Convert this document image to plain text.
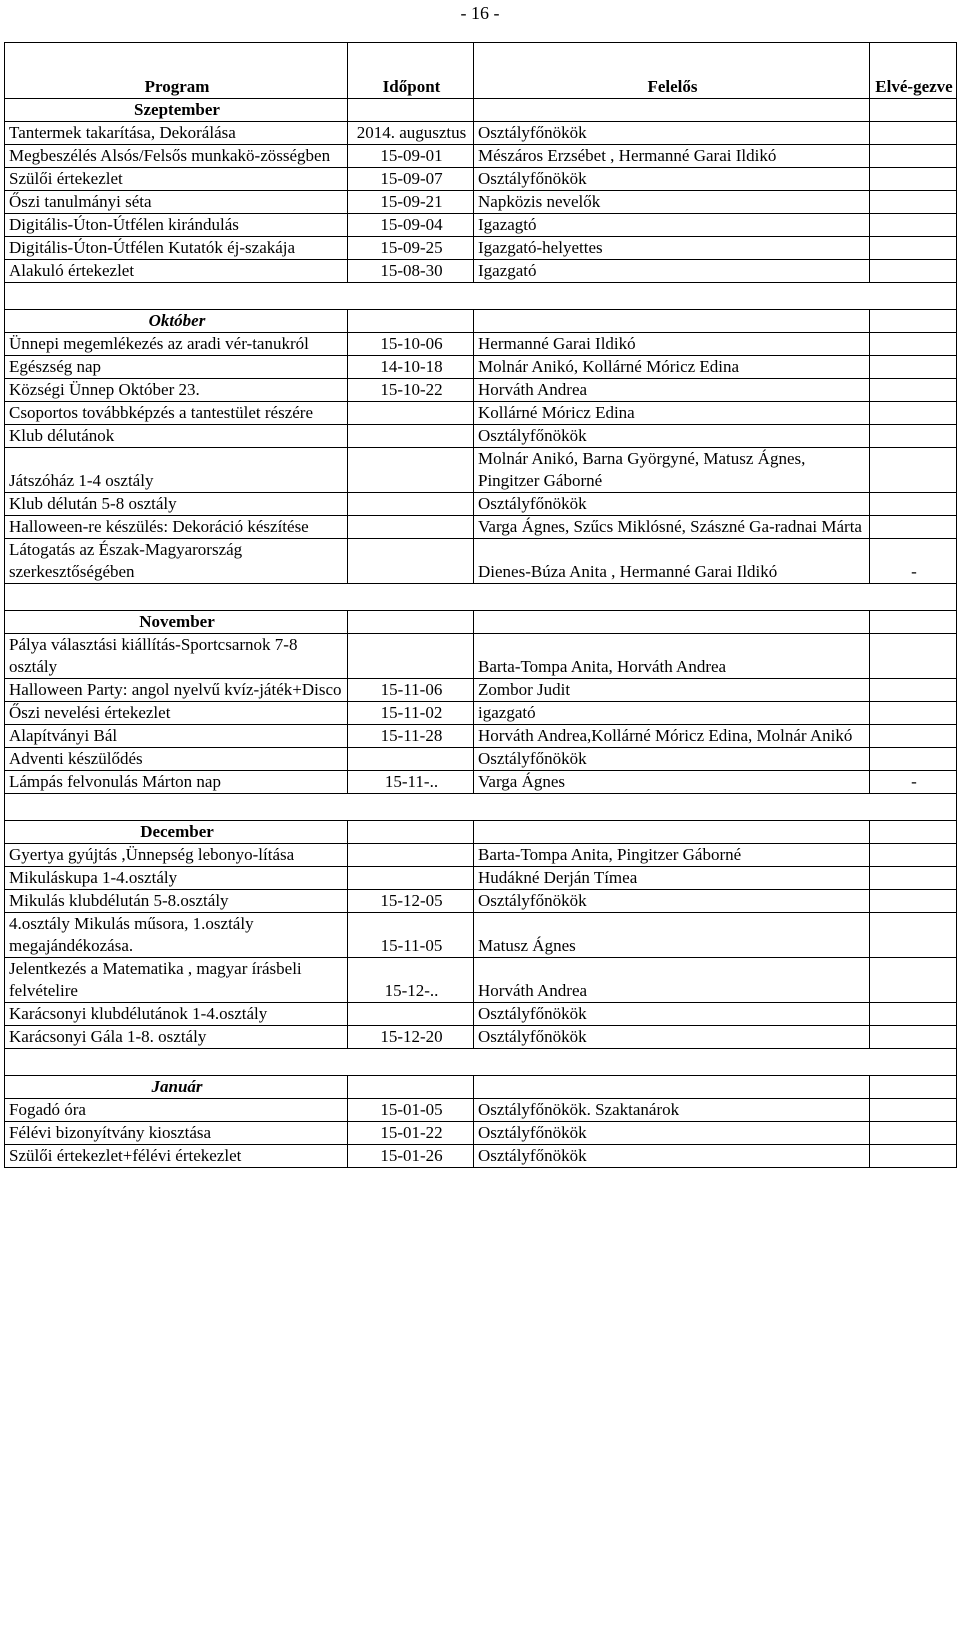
- 16 -
Program	Időpont	Felelős	Elvé-gezve
Szeptember			
Tantermek takarítása, Dekorálása	2014. augusztus	Osztályfőnökök	
Megbeszélés Alsós/Felsős munkakö-zösségben	15-09-01	Mészáros Erzsébet , Hermanné Garai Ildikó	
Szülői értekezlet	15-09-07	Osztályfőnökök	
Őszi tanulmányi séta	15-09-21	Napközis nevelők	
Digitális-Úton-Útfélen kirándulás	15-09-04	Igazagtó	
Digitális-Úton-Útfélen Kutatók éj-szakája	15-09-25	Igazgató-helyettes	
Alakuló értekezlet	15-08-30	Igazgató	

Október			
Ünnepi megemlékezés az aradi vér-tanukról	15-10-06	Hermanné Garai Ildikó	
Egészség nap	14-10-18	Molnár Anikó, Kollárné Móricz Edina	
Községi Ünnep Október 23.	15-10-22	Horváth Andrea	
Csoportos továbbképzés a tantestület részére		Kollárné Móricz Edina	
Klub délutánok		Osztályfőnökök	
Játszóház 1-4 osztály		Molnár Anikó, Barna Györgyné, Matusz Ágnes, Pingitzer Gáborné	
Klub délután 5-8 osztály		Osztályfőnökök	
Halloween-re készülés: Dekoráció készítése		Varga Ágnes, Szűcs Miklósné, Szászné Ga-radnai Márta	
Látogatás az Észak-Magyarország szerkesztőségében		Dienes-Búza Anita , Hermanné Garai Ildikó	-

November			
Pálya választási kiállítás-Sportcsarnok 7-8 osztály		Barta-Tompa Anita, Horváth Andrea	
Halloween Party: angol nyelvű kvíz-játék+Disco	15-11-06	Zombor Judit	
Őszi nevelési értekezlet	15-11-02	igazgató	
Alapítványi Bál	15-11-28	Horváth Andrea,Kollárné Móricz Edina, Molnár Anikó	
Adventi készülődés		Osztályfőnökök	
Lámpás felvonulás Márton nap	15-11-..	Varga Ágnes	-

December			
Gyertya gyújtás ,Ünnepség lebonyo-lítása		Barta-Tompa Anita, Pingitzer Gáborné	
Mikuláskupa 1-4.osztály		Hudákné Derján Tímea	
Mikulás klubdélután 5-8.osztály	15-12-05	Osztályfőnökök	
4.osztály Mikulás műsora, 1.osztály megajándékozása.	15-11-05	Matusz Ágnes	
Jelentkezés a Matematika , magyar írásbeli felvételire	15-12-..	Horváth Andrea	
Karácsonyi klubdélutánok 1-4.osztály		Osztályfőnökök	
Karácsonyi Gála 1-8. osztály	15-12-20	Osztályfőnökök	

Január			
Fogadó óra	15-01-05	Osztályfőnökök. Szaktanárok	
Félévi bizonyítvány kiosztása	15-01-22	Osztályfőnökök	
Szülői értekezlet+félévi értekezlet	15-01-26	Osztályfőnökök	
